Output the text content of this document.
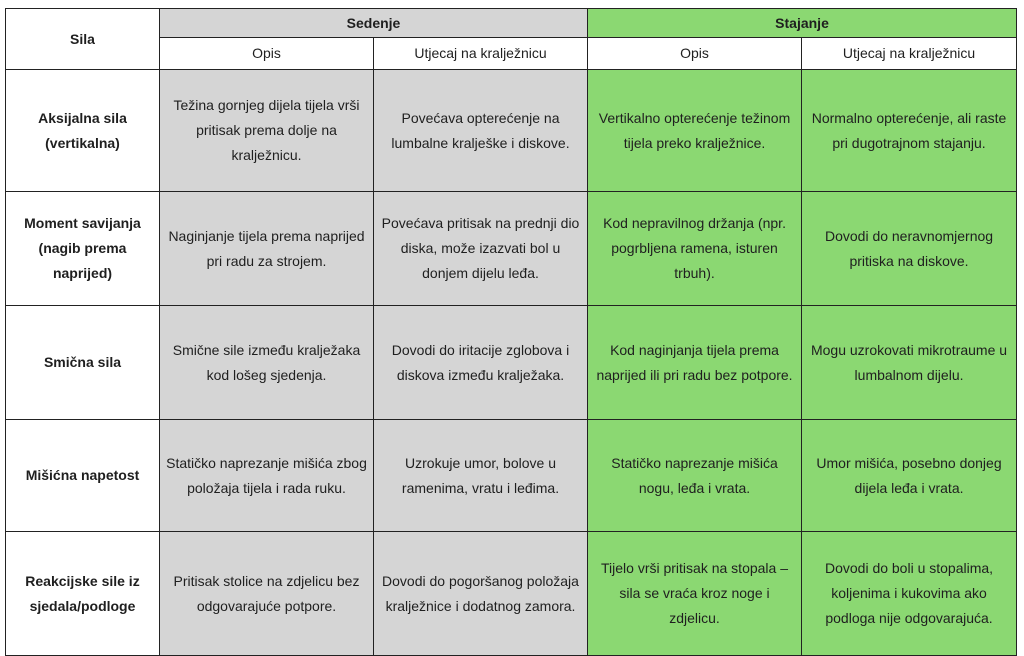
Sila	Sedenje		Stajanje	
	Opis	Utjecaj na kralježnicu	Opis	Utjecaj na kralježnicu
Aksijalna sila (vertikalna)	Težina gornjeg dijela tijela vrši pritisak prema dolje na kralježnicu.	Povećava opterećenje na lumbalne kralješke i diskove.	Vertikalno opterećenje težinom tijela preko kralježnice.	Normalno opterećenje, ali raste pri dugotrajnom stajanju.
Moment savijanja (nagib prema naprijed)	Naginjanje tijela prema naprijed pri radu za strojem.	Povećava pritisak na prednji dio diska, može izazvati bol u donjem dijelu leđa.	Kod nepravilnog držanja (npr. pogrbljena ramena, isturen trbuh).	Dovodi do neravnomjernog pritiska na diskove.
Smična sila	Smične sile između kralježaka kod lošeg sjedenja.	Dovodi do iritacije zglobova i diskova između kralježaka.	Kod naginjanja tijela prema naprijed ili pri radu bez potpore.	Mogu uzrokovati mikrotraume u lumbalnom dijelu.
Mišićna napetost	Statičko naprezanje mišića zbog položaja tijela i rada ruku.	Uzrokuje umor, bolove u ramenima, vratu i leđima.	Statičko naprezanje mišića nogu, leđa i vrata.	Umor mišića, posebno donjeg dijela leđa i vrata.
Reakcijske sile iz sjedala/podloge	Pritisak stolice na zdjelicu bez odgovarajuće potpore.	Dovodi do pogoršanog položaja kralježnice i dodatnog zamora.	Tijelo vrši pritisak na stopala – sila se vraća kroz noge i zdjelicu.	Dovodi do boli u stopalima, koljenima i kukovima ako podloga nije odgovarajuća.
